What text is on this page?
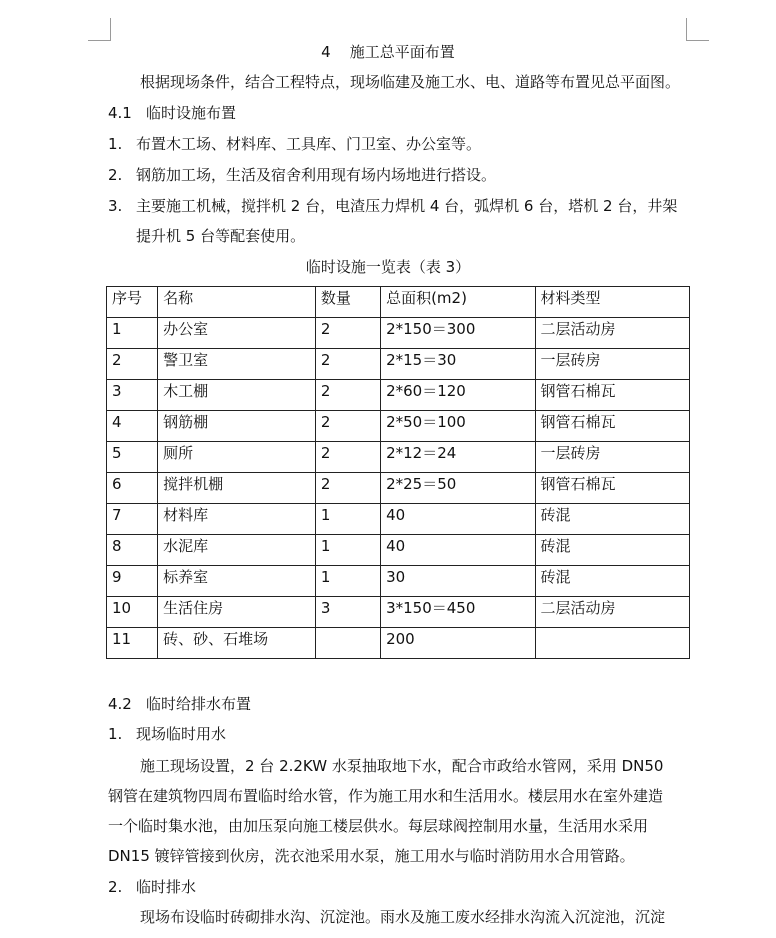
4 施工总平面布置
根据现场条件，结合工程特点，现场临建及施工水、电、道路等布置见总平面图。
4.1 临时设施布置
1. 布置木工场、材料库、工具库、门卫室、办公室等。
2. 钢筋加工场，生活及宿舍利用现有场内场地进行搭设。
3. 主要施工机械，搅拌机 2 台，电渣压力焊机 4 台，弧焊机 6 台，塔机 2 台，井架
提升机 5 台等配套使用。
临时设施一览表（表 3）
序号	名称	数量	总面积(m2)	材料类型
1	办公室	2	2*150＝300	二层活动房
2	警卫室	2	2*15＝30	一层砖房
3	木工棚	2	2*60＝120	钢管石棉瓦
4	钢筋棚	2	2*50＝100	钢管石棉瓦
5	厕所	2	2*12＝24	一层砖房
6	搅拌机棚	2	2*25＝50	钢管石棉瓦
7	材料库	1	40	砖混
8	水泥库	1	40	砖混
9	标养室	1	30	砖混
10	生活住房	3	3*150＝450	二层活动房
11	砖、砂、石堆场		200	
4.2 临时给排水布置
1. 现场临时用水
施工现场设置，2 台 2.2KW 水泵抽取地下水，配合市政给水管网，采用 DN50
钢管在建筑物四周布置临时给水管，作为施工用水和生活用水。楼层用水在室外建造
一个临时集水池，由加压泵向施工楼层供水。每层球阀控制用水量，生活用水采用
DN15 镀锌管接到伙房，洗衣池采用水泵，施工用水与临时消防用水合用管路。
2. 临时排水
现场布设临时砖砌排水沟、沉淀池。雨水及施工废水经排水沟流入沉淀池，沉淀
